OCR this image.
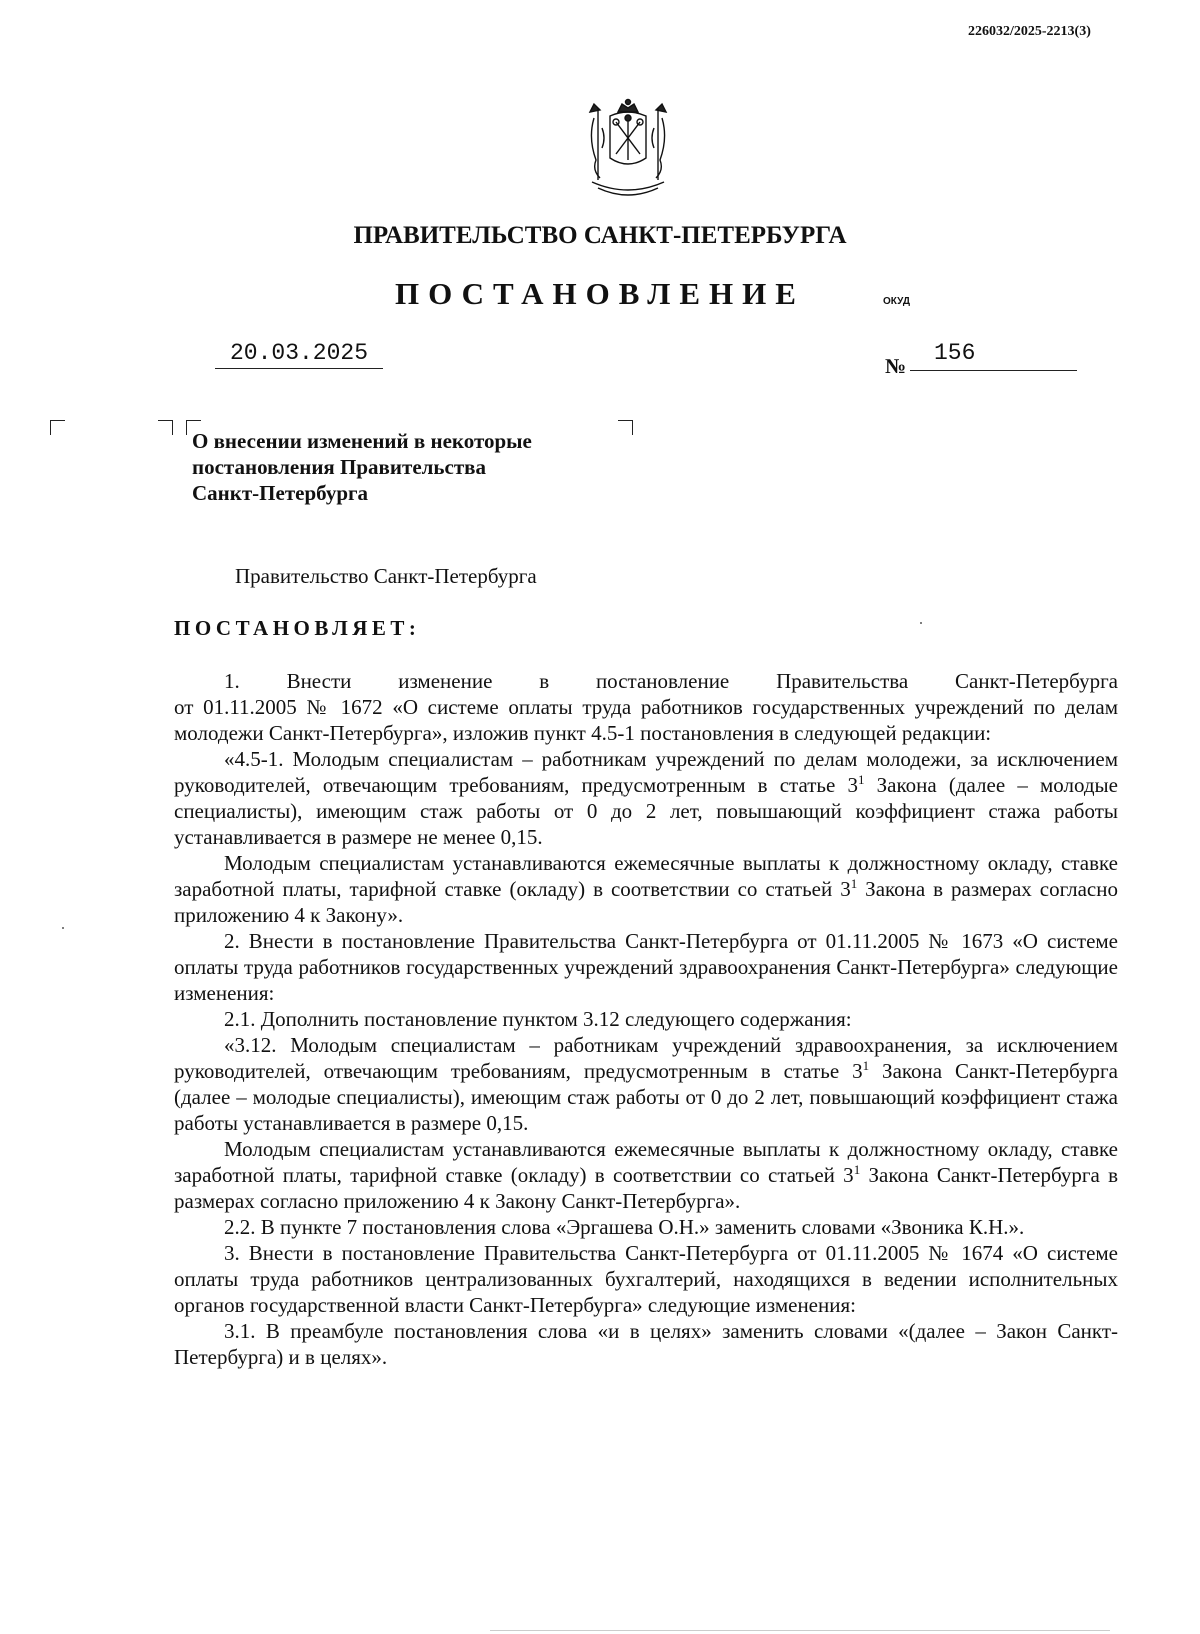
226032/2025-2213(3)
ПРАВИТЕЛЬСТВО САНКТ-ПЕТЕРБУРГА
ПОСТАНОВЛЕНИЕ	ОКУД
20.03.2025	№	156
О внесении изменений в некоторые
постановления Правительства
Санкт-Петербурга
Правительство Санкт-Петербурга
ПОСТАНОВЛЯЕТ:

1. Внести изменение в постановление Правительства Санкт-Петербурга

от 01.11.2005 № 1672 «О системе оплаты труда работников государственных учреждений по делам молодежи Санкт-Петербурга», изложив пункт 4.5-1 постановления в следующей редакции:

«4.5-1. Молодым специалистам – работникам учреждений по делам молодежи, за исключением руководителей, отвечающим требованиям, предусмотренным в статье $3^1$ Закона (далее – молодые специалисты), имеющим стаж работы от 0 до 2 лет, повышающий коэффициент стажа работы устанавливается в размере не менее 0,15.

Молодым специалистам устанавливаются ежемесячные выплаты к должностному окладу, ставке заработной платы, тарифной ставке (окладу) в соответствии со статьей $3^1$ Закона в размерах согласно приложению 4 к Закону».

2. Внести в постановление Правительства Санкт-Петербурга от 01.11.2005 № 1673 «О системе оплаты труда работников государственных учреждений здравоохранения Санкт-Петербурга» следующие изменения:

2.1. Дополнить постановление пунктом 3.12 следующего содержания:

«3.12. Молодым специалистам – работникам учреждений здравоохранения, за исключением руководителей, отвечающим требованиям, предусмотренным в статье $3^1$ Закона Санкт-Петербурга (далее – молодые специалисты), имеющим стаж работы от 0 до 2 лет, повышающий коэффициент стажа работы устанавливается в размере 0,15.

Молодым специалистам устанавливаются ежемесячные выплаты к должностному окладу, ставке заработной платы, тарифной ставке (окладу) в соответствии со статьей $3^1$ Закона Санкт-Петербурга в размерах согласно приложению 4 к Закону Санкт-Петербурга».

2.2. В пункте 7 постановления слова «Эргашева О.Н.» заменить словами «Звоника К.Н.».

3. Внести в постановление Правительства Санкт-Петербурга от 01.11.2005 № 1674 «О системе оплаты труда работников централизованных бухгалтерий, находящихся в ведении исполнительных органов государственной власти Санкт-Петербурга» следующие изменения:

3.1. В преамбуле постановления слова «и в целях» заменить словами «(далее – Закон Санкт-Петербурга) и в целях».
